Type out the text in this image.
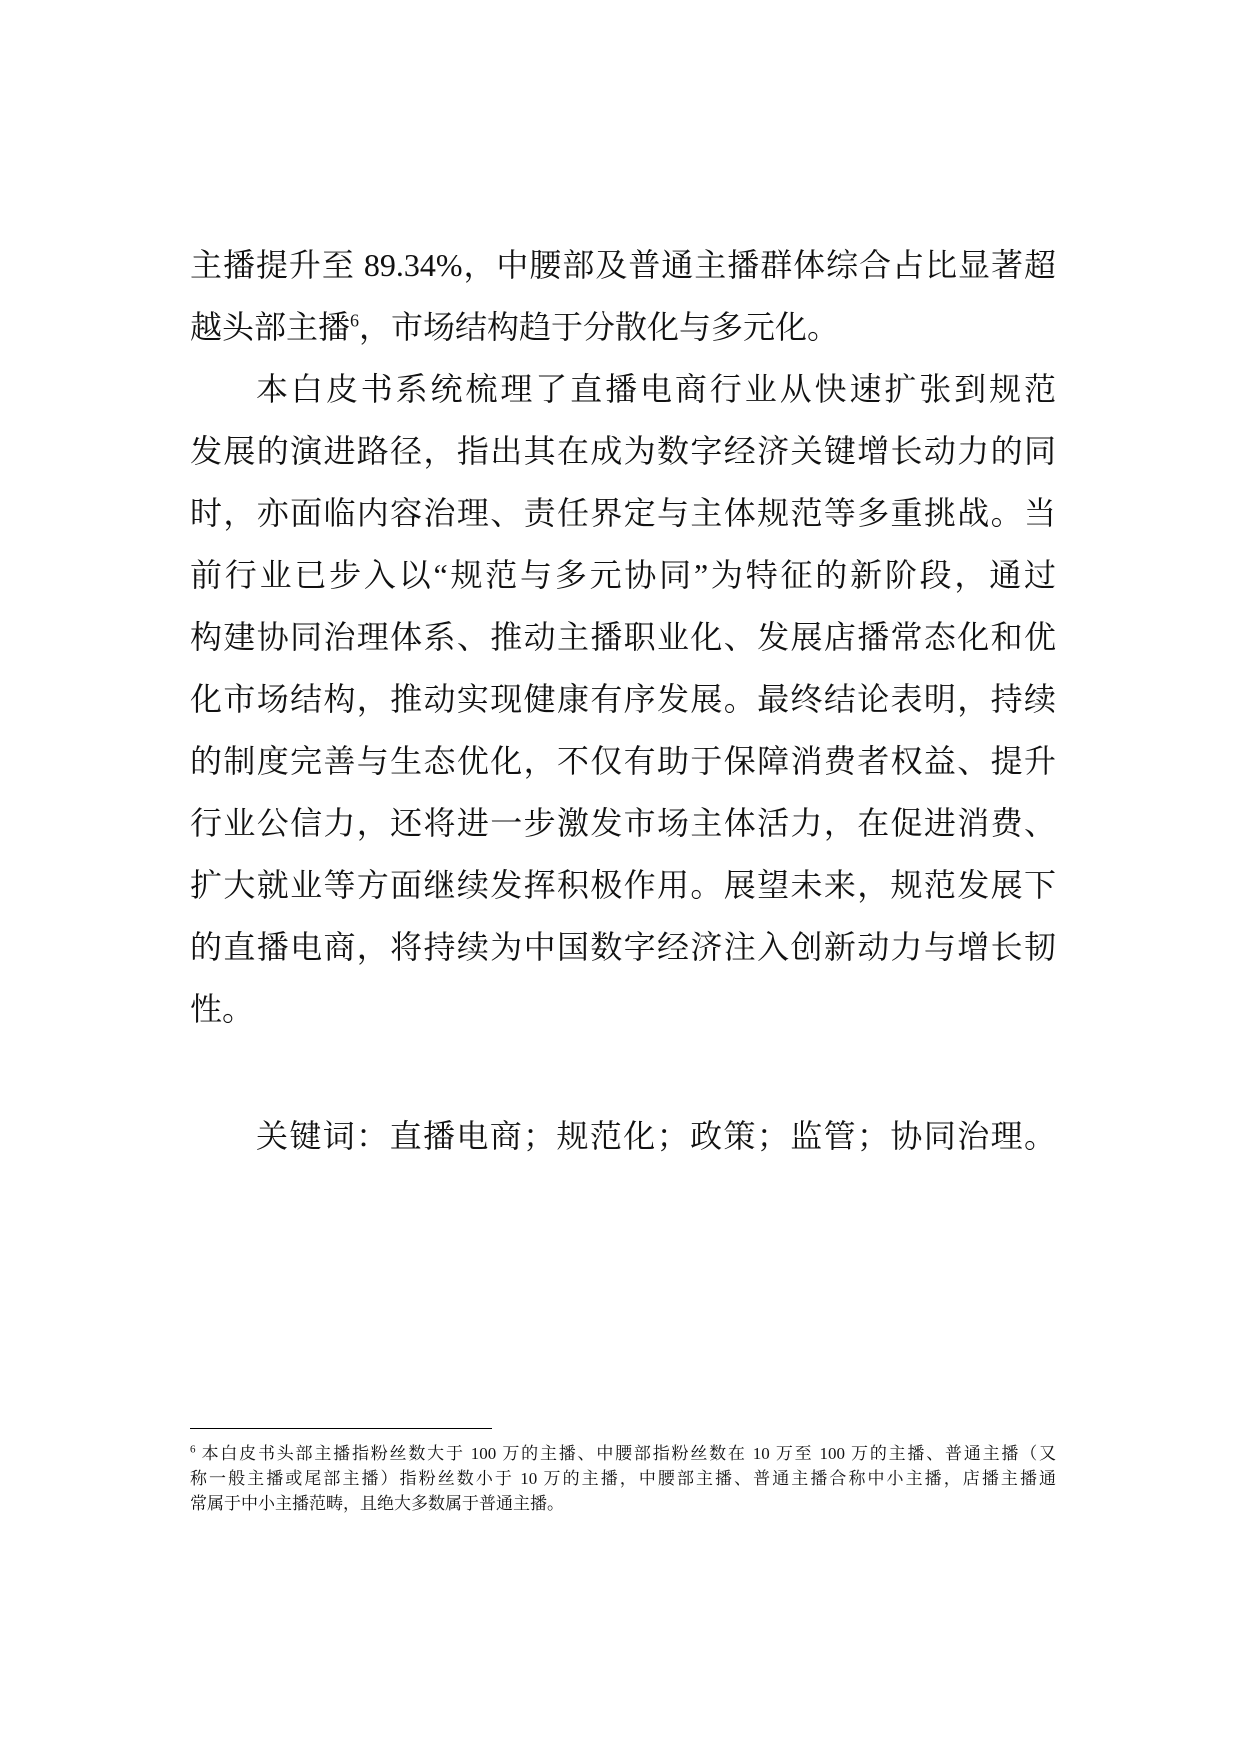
主播提升至 89.34%，中腰部及普通主播群体综合占比显著超
越头部主播$^6$，市场结构趋于分散化与多元化。
本白皮书系统梳理了直播电商行业从快速扩张到规范
发展的演进路径，指出其在成为数字经济关键增长动力的同
时，亦面临内容治理、责任界定与主体规范等多重挑战。当
前行业已步入以“规范与多元协同”为特征的新阶段，通过
构建协同治理体系、推动主播职业化、发展店播常态化和优
化市场结构，推动实现健康有序发展。最终结论表明，持续
的制度完善与生态优化，不仅有助于保障消费者权益、提升
行业公信力，还将进一步激发市场主体活力，在促进消费、
扩大就业等方面继续发挥积极作用。展望未来，规范发展下
的直播电商，将持续为中国数字经济注入创新动力与增长韧
性。
关键词：直播电商；规范化；政策；监管；协同治理。
$^6$ 本白皮书头部主播指粉丝数大于 100 万的主播、中腰部指粉丝数在 10 万至 100 万的主播、普通主播（又
称一般主播或尾部主播）指粉丝数小于 10 万的主播，中腰部主播、普通主播合称中小主播，店播主播通
常属于中小主播范畴，且绝大多数属于普通主播。
